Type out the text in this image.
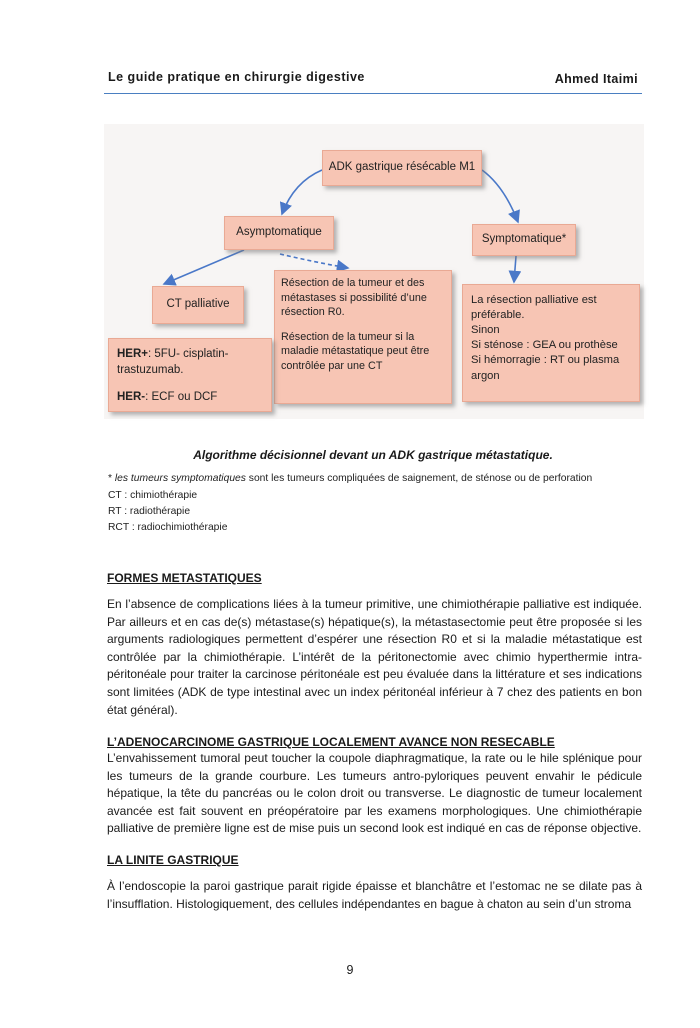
Le guide pratique en chirurgie digestive	Ahmed Itaimi
ADK gastrique résécable M1
Asymptomatique
Symptomatique*
CT palliative

Résection de la tumeur et des métastases si possibilité d’une résection R0.

Résection de la tumeur si la maladie métastatique peut être contrôlée par une CT

La résection palliative est préférable.

Sinon

Si sténose : GEA ou prothèse

Si hémorragie : RT ou plasma argon

HER+: 5FU- cisplatin- trastuzumab.

HER-: ECF ou DCF

Algorithme décisionnel devant un ADK gastrique métastatique.
* les tumeurs symptomatiques sont les tumeurs compliquées de saignement, de sténose ou de perforation
CT : chimiothérapie
RT : radiothérapie
RCT : radiochimiothérapie
FORMES METASTATIQUES
En l’absence de complications liées à la tumeur primitive, une chimiothérapie palliative est indiquée. Par ailleurs et en cas de(s) métastase(s) hépatique(s), la métastasectomie peut être proposée si les arguments radiologiques permettent d’espérer une résection R0 et si la maladie métastatique est contrôlée par la chimiothérapie. L’intérêt de la péritonectomie avec chimio hyperthermie intra-péritonéale pour traiter la carcinose péritonéale est peu évaluée dans la littérature et ses indications sont limitées (ADK de type intestinal avec un index péritonéal inférieur à 7 chez des patients en bon état général).
L’ADENOCARCINOME GASTRIQUE LOCALEMENT AVANCE NON RESECABLE
L’envahissement tumoral peut toucher la coupole diaphragmatique, la rate ou le hile splénique pour les tumeurs de la grande courbure. Les tumeurs antro-pyloriques peuvent envahir le pédicule hépatique, la tête du pancréas ou le colon droit ou transverse. Le diagnostic de tumeur localement avancée est fait souvent en préopératoire par les examens morphologiques. Une chimiothérapie palliative de première ligne est de mise puis un second look est indiqué en cas de réponse objective.
LA LINITE GASTRIQUE
À l’endoscopie la paroi gastrique parait rigide épaisse et blanchâtre et l’estomac ne se dilate pas à l’insufflation. Histologiquement, des cellules indépendantes en bague à chaton au sein d’un stroma
9
